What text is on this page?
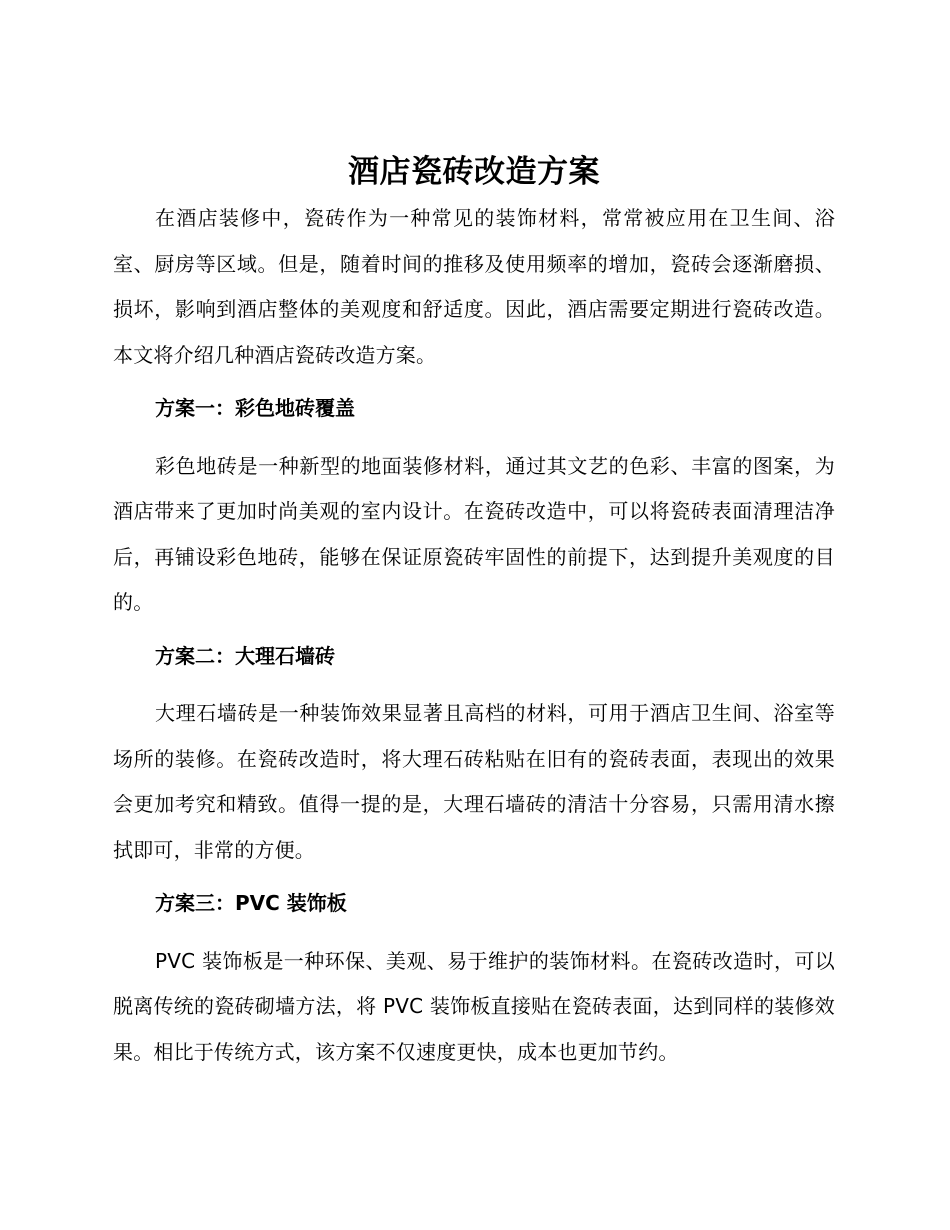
酒店瓷砖改造方案

在酒店装修中，瓷砖作为一种常见的装饰材料，常常被应用在卫生间、浴室、厨房等区域。但是，随着时间的推移及使用频率的增加，瓷砖会逐渐磨损、损坏，影响到酒店整体的美观度和舒适度。因此，酒店需要定期进行瓷砖改造。本文将介绍几种酒店瓷砖改造方案。

方案一：彩色地砖覆盖

彩色地砖是一种新型的地面装修材料，通过其文艺的色彩、丰富的图案，为酒店带来了更加时尚美观的室内设计。在瓷砖改造中，可以将瓷砖表面清理洁净后，再铺设彩色地砖，能够在保证原瓷砖牢固性的前提下，达到提升美观度的目的。

方案二：大理石墙砖

大理石墙砖是一种装饰效果显著且高档的材料，可用于酒店卫生间、浴室等场所的装修。在瓷砖改造时，将大理石砖粘贴在旧有的瓷砖表面，表现出的效果会更加考究和精致。值得一提的是，大理石墙砖的清洁十分容易，只需用清水擦拭即可，非常的方便。

方案三：PVC 装饰板

PVC 装饰板是一种环保、美观、易于维护的装饰材料。在瓷砖改造时，可以脱离传统的瓷砖砌墙方法，将 PVC 装饰板直接贴在瓷砖表面，达到同样的装修效果。相比于传统方式，该方案不仅速度更快，成本也更加节约。
